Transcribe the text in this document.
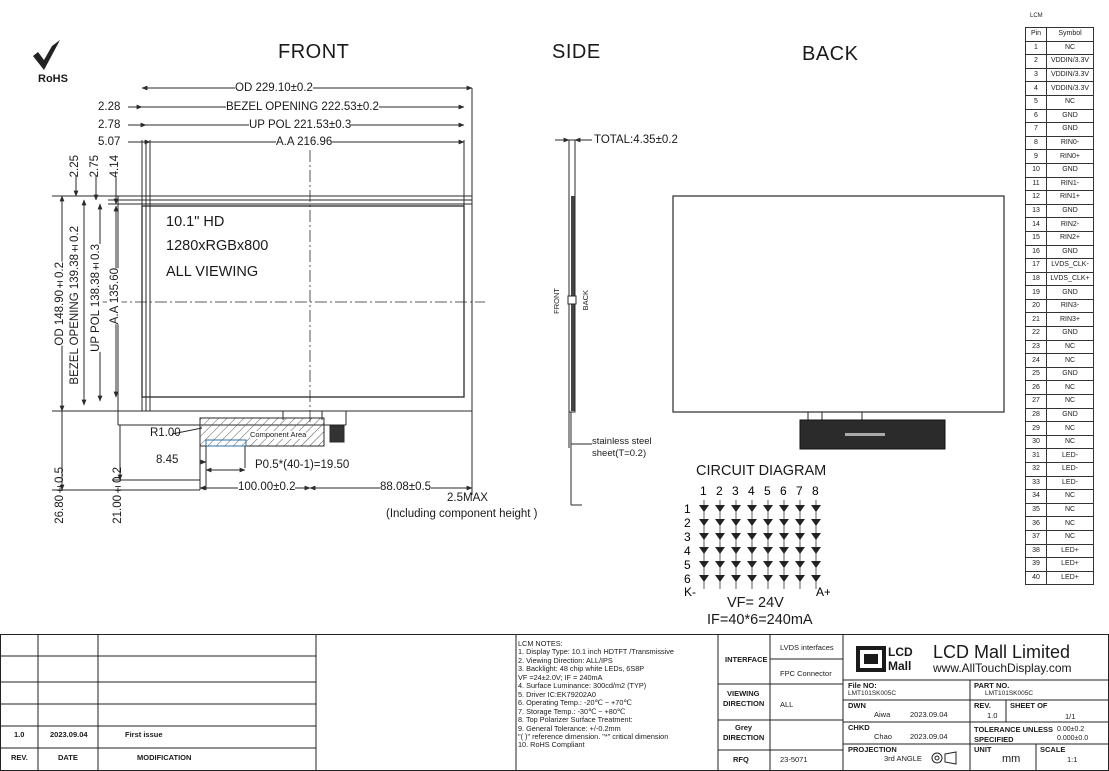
RoHS
FRONT	SIDE	BACK
LCM
OD 229.10±0.2
BEZEL OPENING 222.53±0.2
UP POL 221.53±0.3
A.A 216.96
2.28
2.78
5.07
2.25 2.75 4.14
OD 148.90±0.2 BEZEL OPENING 139.38±0.2 UP POL 138.38±0.3 A.A 135.60
10.1" HD
1280xRGBx800
ALL VIEWING
R1.00	Component Area
8.45	P0.5*(40-1)=19.50
100.00±0.2	88.08±0.5
26.80±0.5	21.00±0.2	2.5MAX
(Including component height )
TOTAL:4.35±0.2
FRONT	BACK
stainless steel
sheet(T=0.2)
CIRCUIT DIAGRAM
1 2 3 4 5 6 7 8
1
2
3
4
5
6
K-	A+
VF= 24V
IF=40*6=240mA
Pin	Symbol
1	NC
2	VDDIN/3.3V
3	VDDIN/3.3V
4	VDDIN/3.3V
5	NC
6	GND
7	GND
8	RIN0-
9	RIN0+
10	GND
11	RIN1-
12	RIN1+
13	GND
14	RIN2-
15	RIN2+
16	GND
17	LVDS_CLK-
18	LVDS_CLK+
19	GND
20	RIN3-
21	RIN3+
22	GND
23	NC
24	NC
25	GND
26	NC
27	NC
28	GND
29	NC
30	NC
31	LED-
32	LED-
33	LED-
34	NC
35	NC
36	NC
37	NC
38	LED+
39	LED+
40	LED+
1.0	2023.09.04	First issue
REV.	DATE	MODIFICATION
INTERFACE
LVDS interfaces
FPC Connector
VIEWING
DIRECTION ALL
Grey
DIRECTION
RFQ	23-5071
LCD
Mall
LCD Mall Limited
www.AllTouchDisplay.com
File NO:
LMT101SK005C
PART NO.
LMT101SK005C
DWN
Aiwa	2023.09.04
REV.
1.0
SHEET OF
1/1
CHKD
Chao 2023.09.04
TOLERANCE UNLESS
SPECIFIED
0.00±0.2
0.000±0.0
PROJECTION
3rd ANGLE
UNIT
mm
SCALE
1:1
LCM NOTES:
1. Display Type: 10.1 inch HDTFT /Transmissive
2. Viewing Direction: ALL/IPS
3. Backlight: 48 chip white LEDs, 6S8P
VF =24±2.0V; IF = 240mA
4. Surface Luminance: 300cd/m2 (TYP)
5. Driver IC:EK79202A0
6. Operating Temp.: -20℃ ~ +70℃
7. Storage Temp.: -30℃ ~ +80℃
8. Top Polarizer Surface Treatment:
9. General Tolerance: +/-0.2mm
"( )" reference dimension. "*" critical dimension
10. RoHS Compliant
